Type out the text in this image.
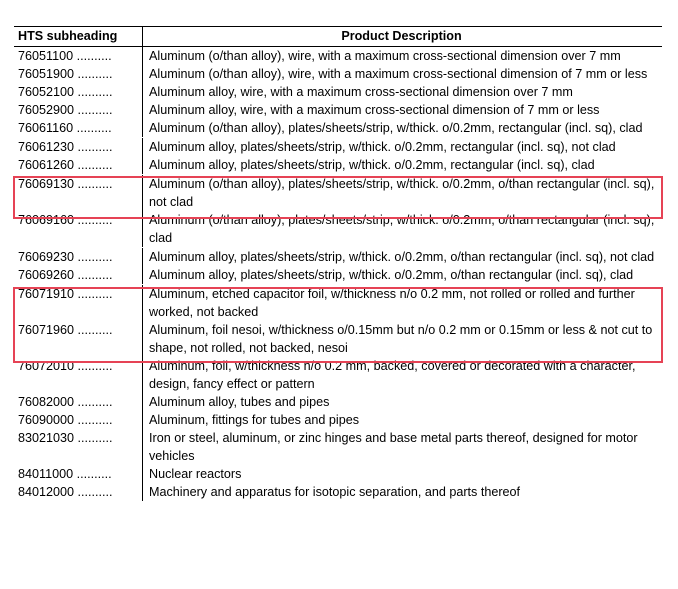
HTS subheading	Product Description
76051100 ..........	Aluminum (o/than alloy), wire, with a maximum cross-sectional dimension over 7 mm
76051900 ..........	Aluminum (o/than alloy), wire, with a maximum cross-sectional dimension of 7 mm or less
76052100 ..........	Aluminum alloy, wire, with a maximum cross-sectional dimension over 7 mm
76052900 ..........	Aluminum alloy, wire, with a maximum cross-sectional dimension of 7 mm or less
76061160 ..........	Aluminum (o/than alloy), plates/sheets/strip, w/thick. o/0.2mm, rectangular (incl. sq), clad
76061230 ..........	Aluminum alloy, plates/sheets/strip, w/thick. o/0.2mm, rectangular (incl. sq), not clad
76061260 ..........	Aluminum alloy, plates/sheets/strip, w/thick. o/0.2mm, rectangular (incl. sq), clad
76069130 ..........	Aluminum (o/than alloy), plates/sheets/strip, w/thick. o/0.2mm, o/than rectangular (incl. sq), not clad
76069160 ..........	Aluminum (o/than alloy), plates/sheets/strip, w/thick. o/0.2mm, o/than rectangular (incl. sq), clad
76069230 ..........	Aluminum alloy, plates/sheets/strip, w/thick. o/0.2mm, o/than rectangular (incl. sq), not clad
76069260 ..........	Aluminum alloy, plates/sheets/strip, w/thick. o/0.2mm, o/than rectangular (incl. sq), clad
76071910 ..........	Aluminum, etched capacitor foil, w/thickness n/o 0.2 mm, not rolled or rolled and further worked, not backed
76071960 ..........	Aluminum, foil nesoi, w/thickness o/0.15mm but n/o 0.2 mm or 0.15mm or less & not cut to shape, not rolled, not backed, nesoi
76072010 ..........	Aluminum, foil, w/thickness n/o 0.2 mm, backed, covered or decorated with a character, design, fancy effect or pattern
76082000 ..........	Aluminum alloy, tubes and pipes
76090000 ..........	Aluminum, fittings for tubes and pipes
83021030 ..........	Iron or steel, aluminum, or zinc hinges and base metal parts thereof, designed for motor vehicles
84011000 ..........	Nuclear reactors
84012000 ..........	Machinery and apparatus for isotopic separation, and parts thereof
